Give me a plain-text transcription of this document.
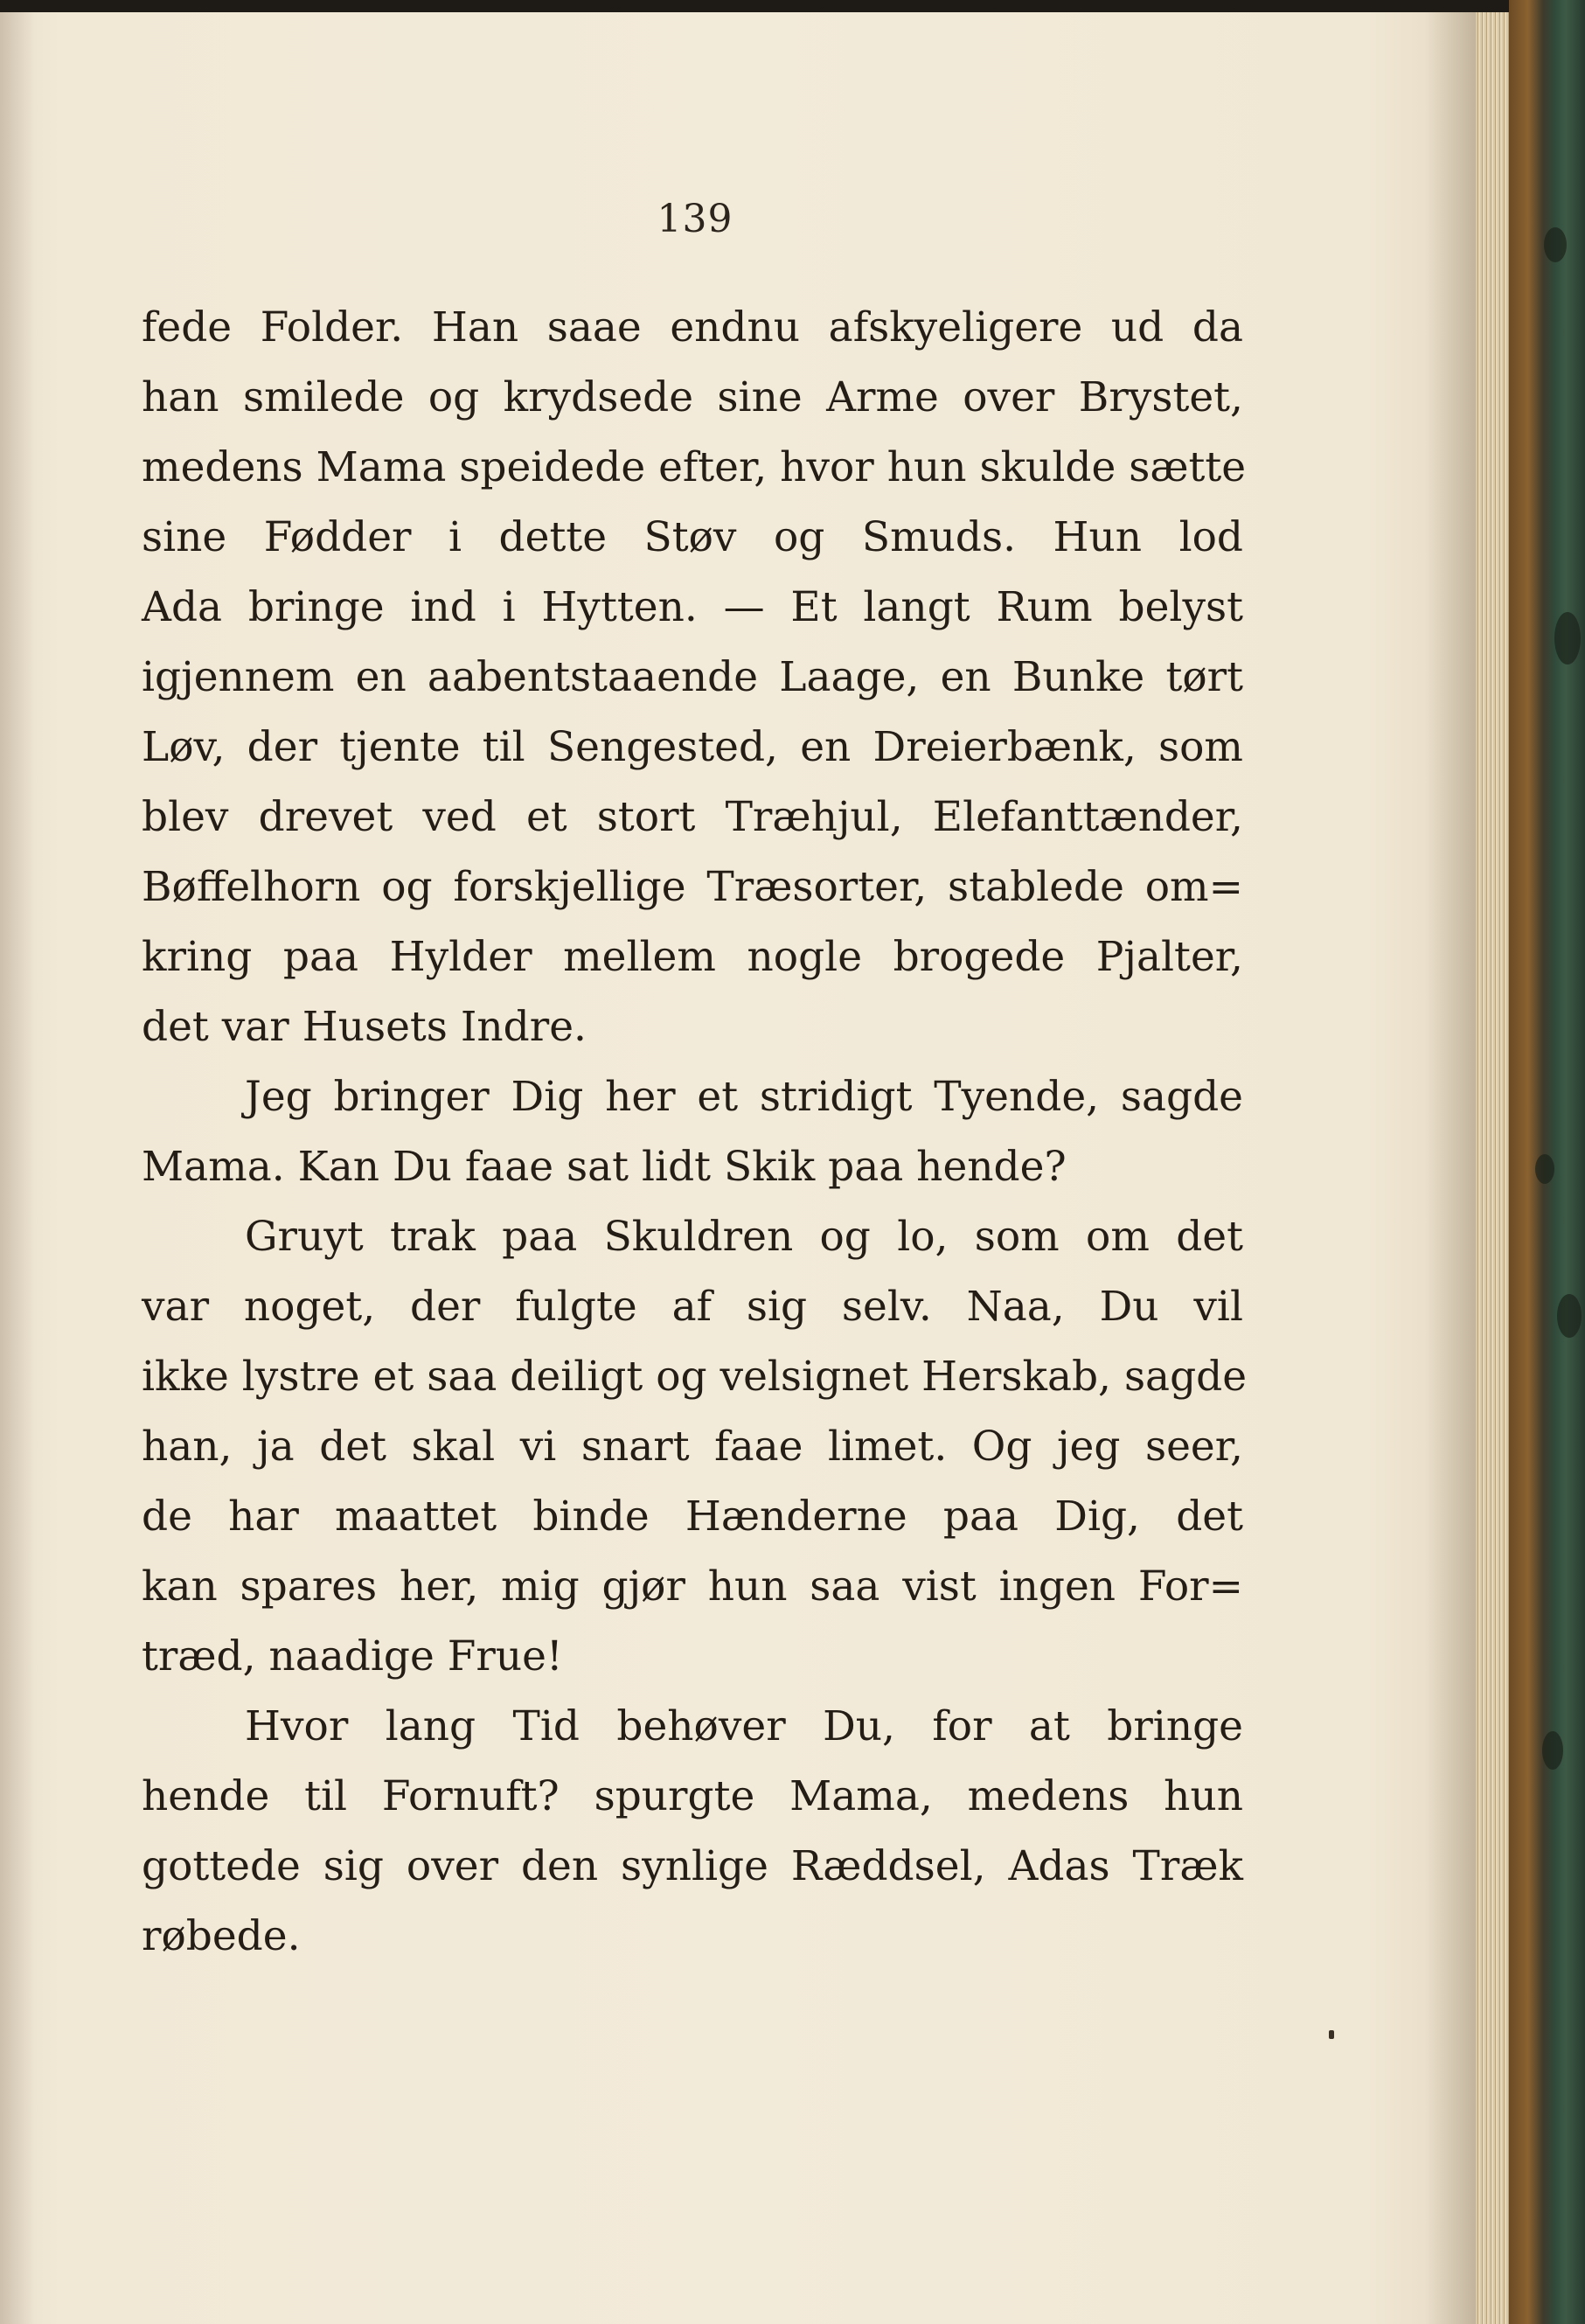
139
fede Folder. Han saae endnu afskyeligere ud da
han smilede og krydsede sine Arme over Brystet,
medens Mama speidede efter, hvor hun skulde sætte
sine Fødder i dette Støv og Smuds. Hun lod
Ada bringe ind i Hytten. — Et langt Rum belyst
igjennem en aabentstaaende Laage, en Bunke tørt
Løv, der tjente til Sengested, en Dreierbænk, som
blev drevet ved et stort Træhjul, Elefanttænder,
Bøffelhorn og forskjellige Træsorter, stablede om=
kring paa Hylder mellem nogle brogede Pjalter,
det var Husets Indre.
Jeg bringer Dig her et stridigt Tyende, sagde
Mama. Kan Du faae sat lidt Skik paa hende?
Gruyt trak paa Skuldren og lo, som om det
var noget, der fulgte af sig selv. Naa, Du vil
ikke lystre et saa deiligt og velsignet Herskab, sagde
han, ja det skal vi snart faae limet. Og jeg seer,
de har maattet binde Hænderne paa Dig, det
kan spares her, mig gjør hun saa vist ingen For=
træd, naadige Frue!
Hvor lang Tid behøver Du, for at bringe
hende til Fornuft? spurgte Mama, medens hun
gottede sig over den synlige Ræddsel, Adas Træk
røbede.
